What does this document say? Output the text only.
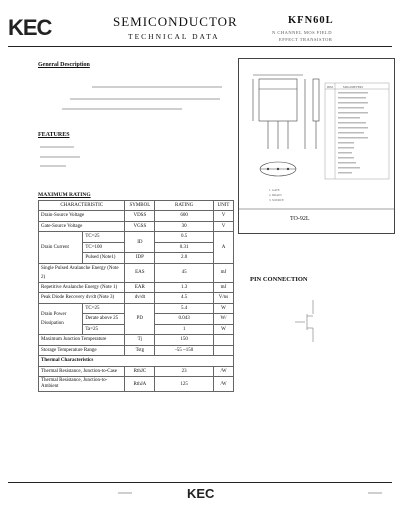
KEC	SEMICONDUCTOR
TECHNICAL DATA
KFN60L
N CHANNEL MOS FIELD
EFFECT TRANSISTOR
General Description
FEATURES
DIM	MILLIMETERS
1. GATE
2. DRAIN
3. SOURCE
TO-92L
MAXIMUM RATING
CHARACTERISTIC		SYMBOL	RATING	UNIT
Drain-Source Voltage		VDSS	600	V
Gate-Source Voltage		VGSS	30	V
Drain Current	TC=25	ID	0.5	A
	TC=100		0.31	
	Pulsed (Note1)	IDP	2.0	
Single Pulsed Avalanche Energy (Note 2)		EAS	45	mJ
Repetitive Avalanche Energy (Note 1)		EAR	1.3	mJ
Peak Diode Recovery dv/dt (Note 3)		dv/dt	4.5	V/ns
Drain Power Dissipation	TC=25	PD	5.4	W
	Derate above 25		0.043	W/
	Ta=25		1	W
Maximum Junction Temperature		Tj	150	
Storage Temperature Range		Tstg	-55 ~150	
Thermal Characteristics				
Thermal Resistance, Junction-to-Case		RthJC	23	/W
Thermal Resistance, Junction-to-Ambient		RthJA	125	/W
PIN CONNECTION
KEC
